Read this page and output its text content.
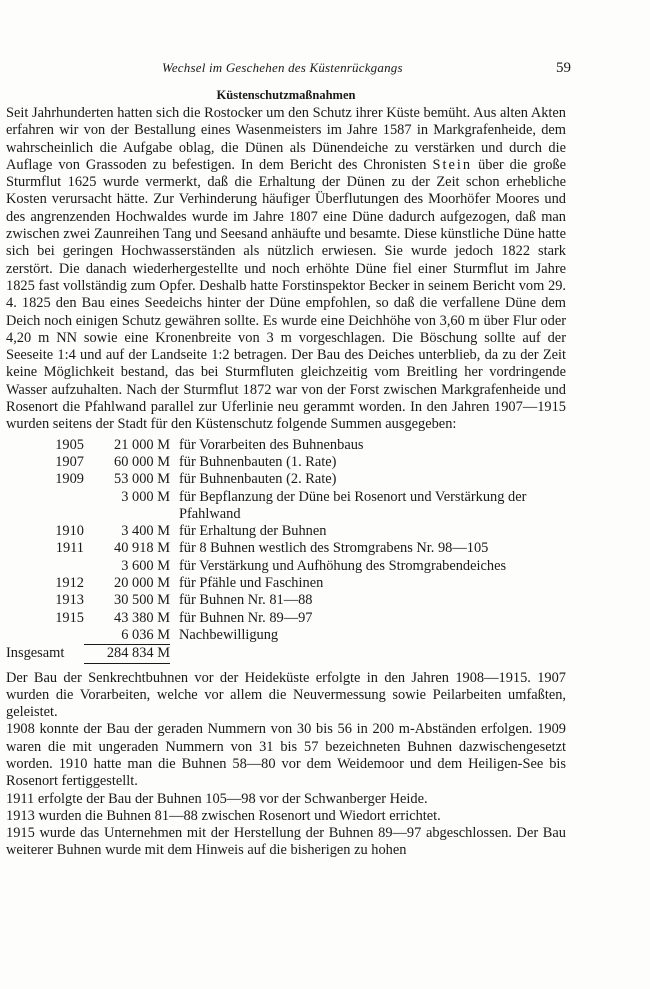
Wechsel im Geschehen des Küstenrückgangs	59
Küstenschutzmaßnahmen

Seit Jahrhunderten hatten sich die Rostocker um den Schutz ihrer Küste bemüht. Aus alten Akten erfahren wir von der Bestallung eines Wasenmeisters im Jahre 1587 in Markgrafenheide, dem wahrscheinlich die Aufgabe oblag, die Dünen als Dünendeiche zu verstärken und durch die Auflage von Grassoden zu befestigen. In dem Bericht des Chronisten Stein über die große Sturmflut 1625 wurde vermerkt, daß die Erhaltung der Dünen zu der Zeit schon erhebliche Kosten verursacht hätte. Zur Verhinderung häufiger Überflutungen des Moorhöfer Moores und des angrenzenden Hochwaldes wurde im Jahre 1807 eine Düne dadurch aufgezogen, daß man zwischen zwei Zaunreihen Tang und Seesand anhäufte und besamte. Diese künstliche Düne hatte sich bei geringen Hochwasserständen als nützlich erwiesen. Sie wurde jedoch 1822 stark zerstört. Die danach wiederhergestellte und noch erhöhte Düne fiel einer Sturmflut im Jahre 1825 fast vollständig zum Opfer. Deshalb hatte Forstinspektor Becker in seinem Bericht vom 29. 4. 1825 den Bau eines Seedeichs hinter der Düne empfohlen, so daß die verfallene Düne dem Deich noch einigen Schutz gewähren sollte. Es wurde eine Deichhöhe von 3,60 m über Flur oder 4,20 m NN sowie eine Kronenbreite von 3 m vorgeschlagen. Die Böschung sollte auf der Seeseite 1:4 und auf der Landseite 1:2 betragen. Der Bau des Deiches unterblieb, da zu der Zeit keine Möglichkeit bestand, das bei Sturmfluten gleichzeitig vom Breitling her vordringende Wasser aufzuhalten. Nach der Sturmflut 1872 war von der Forst zwischen Markgrafenheide und Rosenort die Pfahlwand parallel zur Uferlinie neu gerammt worden. In den Jahren 1907—1915 wurden seitens der Stadt für den Küstenschutz folgende Summen ausgegeben:

1905	21 000 M für Vorarbeiten des Buhnenbaus
1907	60 000 M für Buhnenbauten (1. Rate)
1909	53 000 M für Buhnenbauten (2. Rate)
3 000 M für Bepflanzung der Düne bei Rosenort und Verstärkung der Pfahlwand
1910	3 400 M für Erhaltung der Buhnen
1911	40 918 M für 8 Buhnen westlich des Stromgrabens Nr. 98—105
3 600 M für Verstärkung und Aufhöhung des Stromgrabendeiches
1912	20 000 M für Pfähle und Faschinen
1913	30 500 M für Buhnen Nr. 81—88
1915	43 380 M für Buhnen Nr. 89—97
6 036 M Nachbewilligung
Insgesamt	284 834 M

Der Bau der Senkrechtbuhnen vor der Heideküste erfolgte in den Jahren 1908—1915. 1907 wurden die Vorarbeiten, welche vor allem die Neuvermessung sowie Peilarbeiten umfaßten, geleistet.

1908 konnte der Bau der geraden Nummern von 30 bis 56 in 200 m-Abständen erfolgen. 1909 waren die mit ungeraden Nummern von 31 bis 57 bezeichneten Buhnen dazwischengesetzt worden. 1910 hatte man die Buhnen 58—80 vor dem Weidemoor und dem Heiligen-See bis Rosenort fertiggestellt.

1911 erfolgte der Bau der Buhnen 105—98 vor der Schwanberger Heide.

1913 wurden die Buhnen 81—88 zwischen Rosenort und Wiedort errichtet.

1915 wurde das Unternehmen mit der Herstellung der Buhnen 89—97 abgeschlossen. Der Bau weiterer Buhnen wurde mit dem Hinweis auf die bisherigen zu hohen
